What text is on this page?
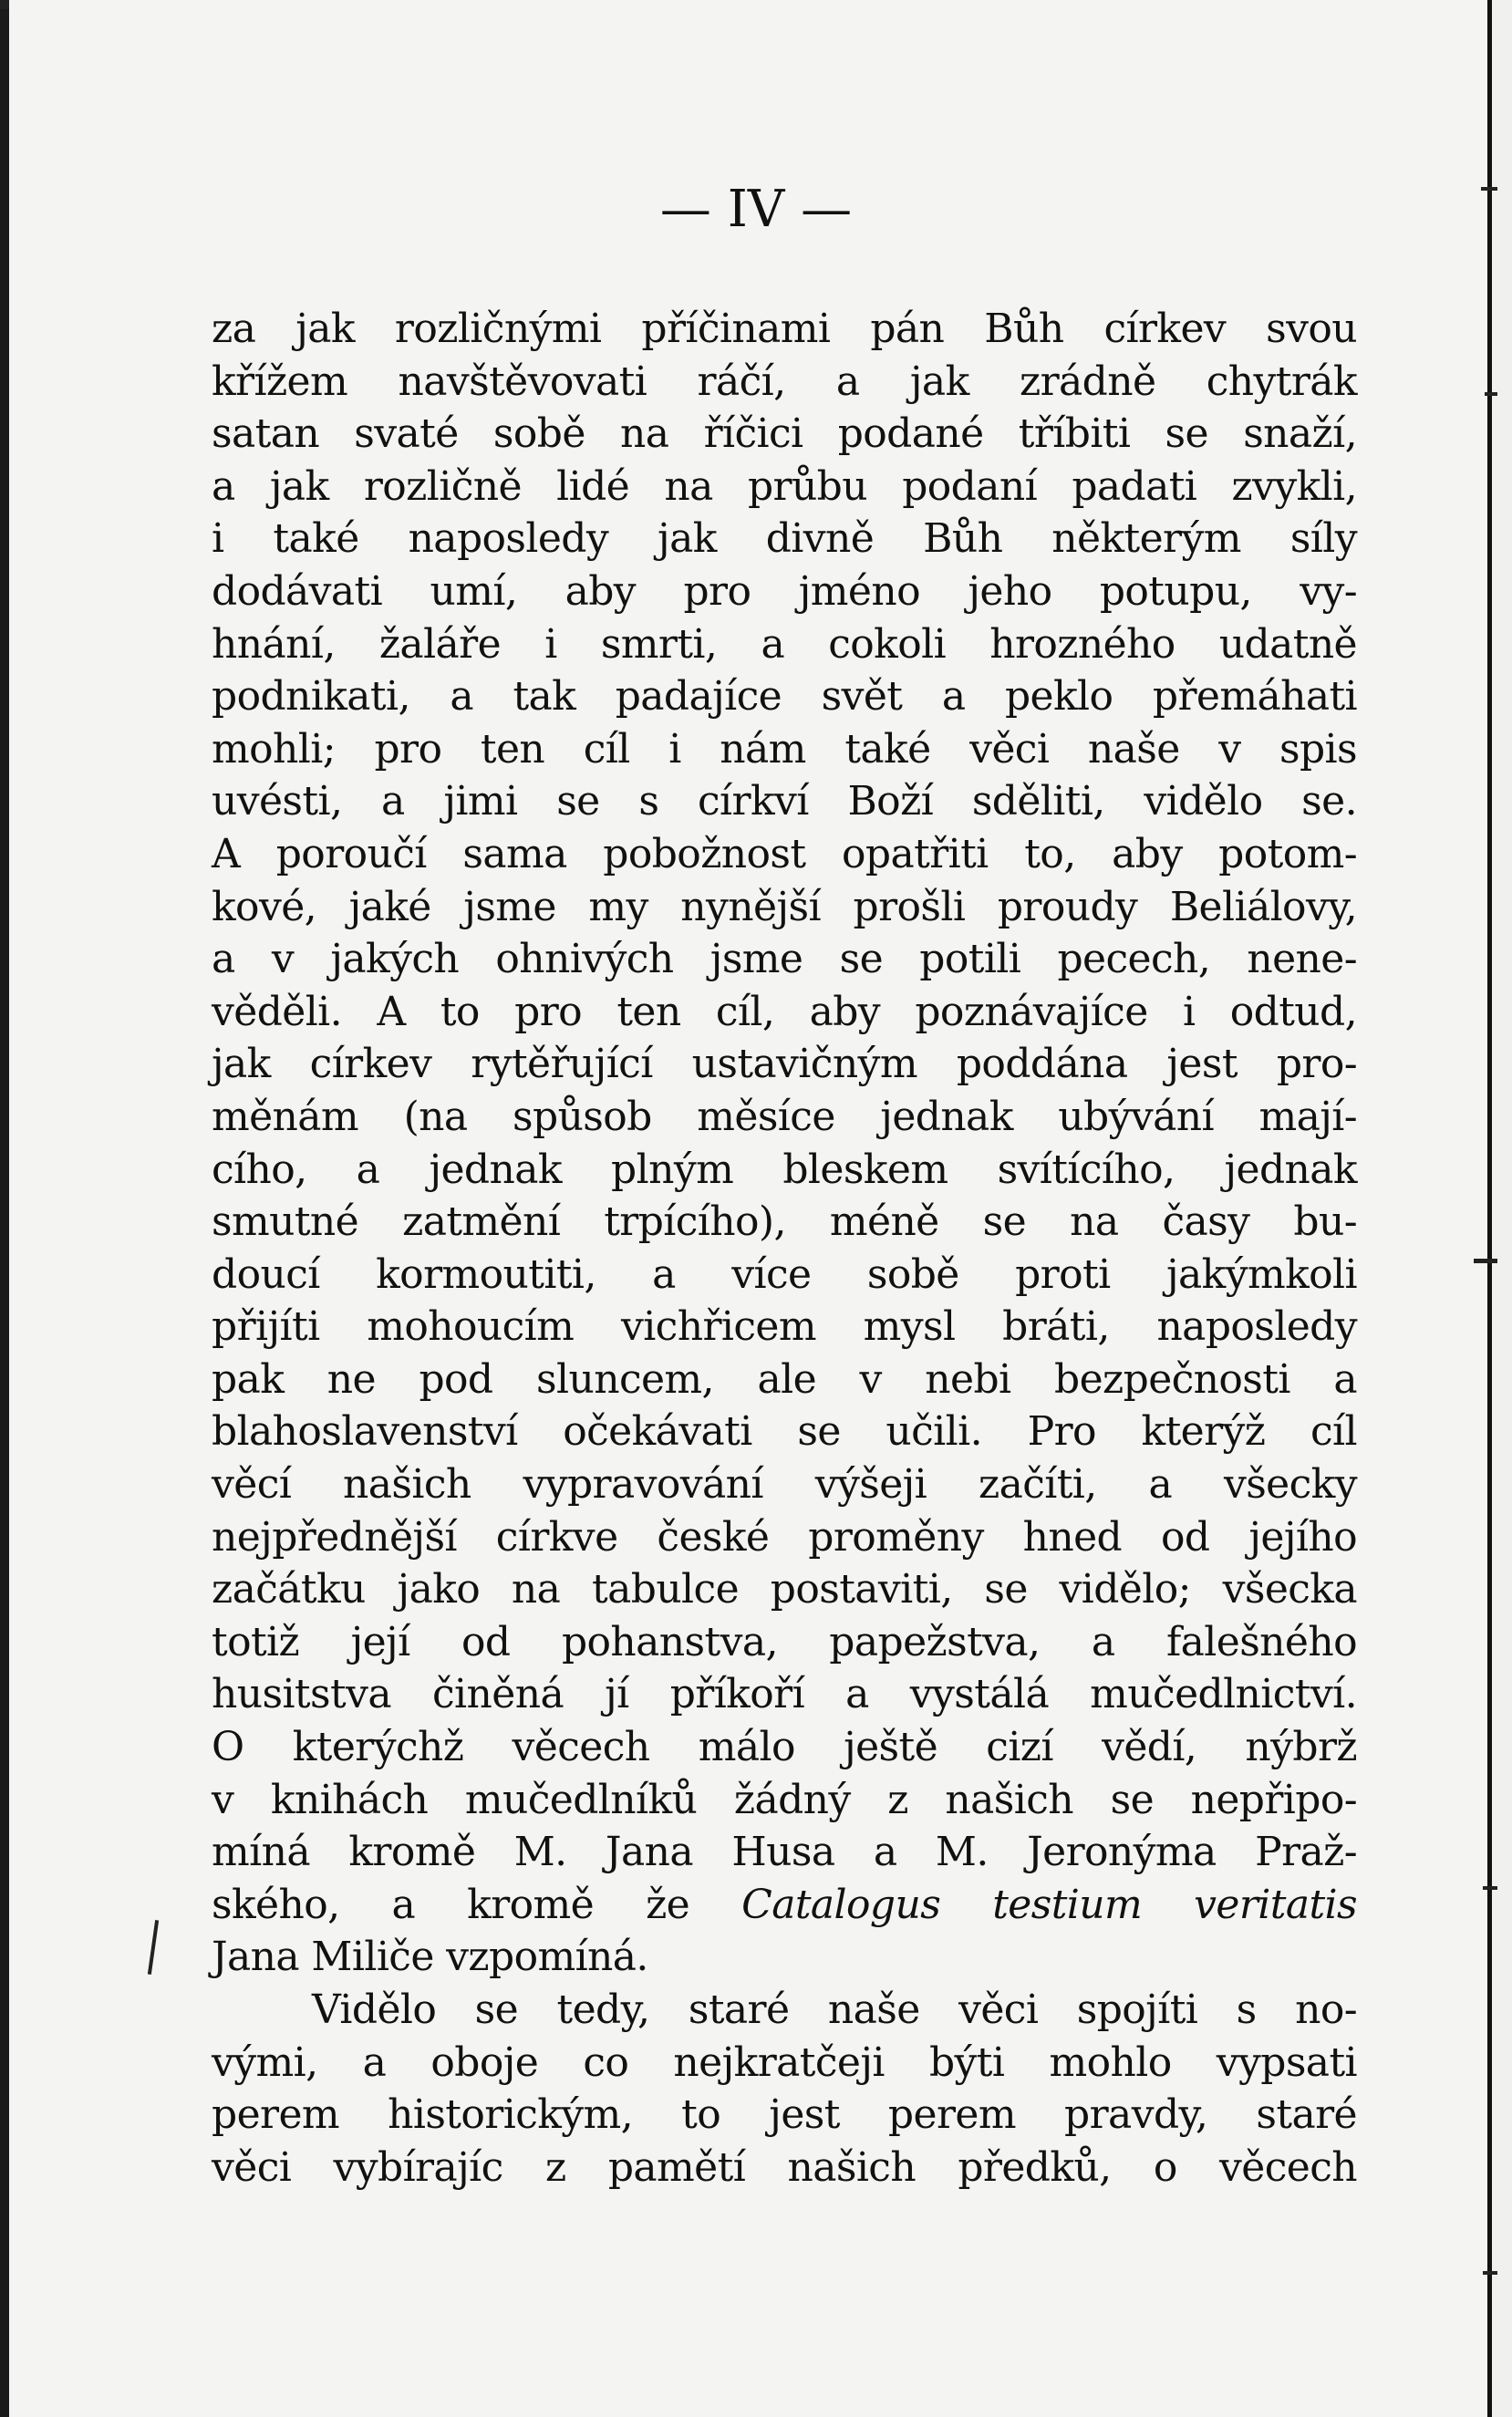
— IV —
za jak rozličnými příčinami pán Bůh církev svou
křížem navštěvovati ráčí, a jak zrádně chytrák
satan svaté sobě na říčici podané tříbiti se snaží,
a jak rozličně lidé na průbu podaní padati zvykli,
i také naposledy jak divně Bůh některým síly
dodávati umí, aby pro jméno jeho potupu, vy-
hnání, žaláře i smrti, a cokoli hrozného udatně
podnikati, a tak padajíce svět a peklo přemáhati
mohli; pro ten cíl i nám také věci naše v spis
uvésti, a jimi se s církví Boží sděliti, vidělo se.
A poroučí sama pobožnost opatřiti to, aby potom-
kové, jaké jsme my nynější prošli proudy Beliálovy,
a v jakých ohnivých jsme se potili pecech, nene-
věděli. A to pro ten cíl, aby poznávajíce i odtud,
jak církev rytěřující ustavičným poddána jest pro-
měnám (na spůsob měsíce jednak ubývání mají-
cího, a jednak plným bleskem svítícího, jednak
smutné zatmění trpícího), méně se na časy bu-
doucí kormoutiti, a více sobě proti jakýmkoli
přijíti mohoucím vichřicem mysl bráti, naposledy
pak ne pod sluncem, ale v nebi bezpečnosti a
blahoslavenství očekávati se učili. Pro kterýž cíl
věcí našich vypravování výšeji začíti, a všecky
nejpřednější církve české proměny hned od jejího
začátku jako na tabulce postaviti, se vidělo; všecka
totiž její od pohanstva, papežstva, a falešného
husitstva činěná jí příkoří a vystálá mučedlnictví.
O kterýchž věcech málo ještě cizí vědí, nýbrž
v knihách mučedlníků žádný z našich se nepřipo-
míná kromě M. Jana Husa a M. Jeronýma Praž-
ského, a kromě že Catalogus testium veritatis
Jana Miliče vzpomíná.
Vidělo se tedy, staré naše věci spojíti s no-
vými, a oboje co nejkratčeji býti mohlo vypsati
perem historickým, to jest perem pravdy, staré
věci vybírajíc z pamětí našich předků, o věcech
